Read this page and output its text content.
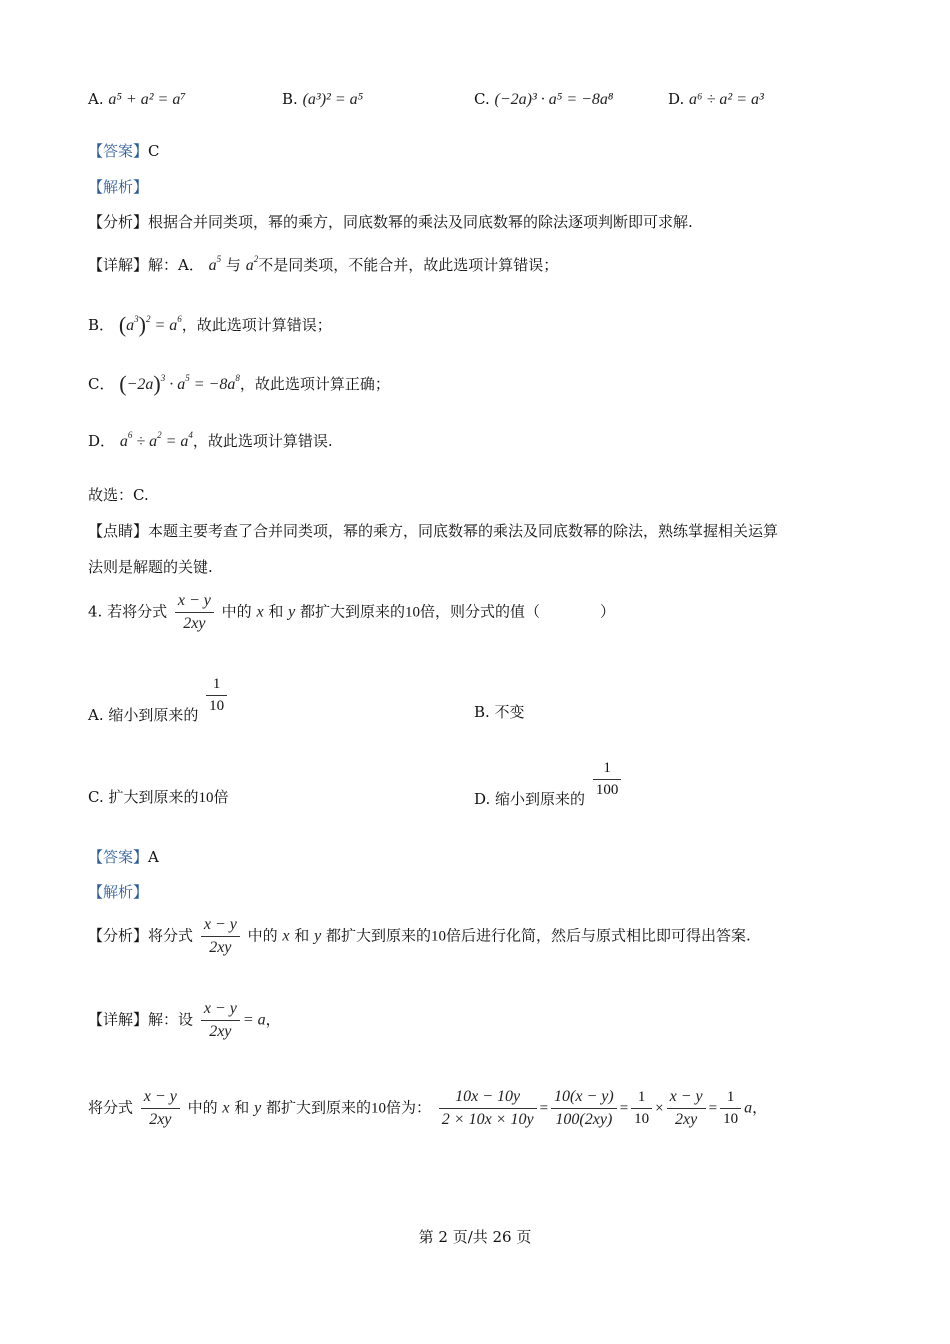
A. a⁵ + a² = a⁷	B. (a³)² = a⁵	C. (−2a)³ · a⁵ = −8a⁸	D. a⁶ ÷ a² = a³
【答案】C
【解析】
【分析】根据合并同类项，幂的乘方，同底数幂的乘法及同底数幂的除法逐项判断即可求解.
【详解】解：A． $a^5$ 与 $a^2$不是同类项，不能合并，故此选项计算错误；
B． $(a^3)^2 = a^6$，故此选项计算错误；
C． $(-2a)^3 \cdot a^5 = -8a^8$，故此选项计算正确；
D． $a^6 \div a^2 = a^4$，故此选项计算错误.
故选：C.
【点睛】本题主要考查了合并同类项，幂的乘方，同底数幂的乘法及同底数幂的除法，熟练掌握相关运算
法则是解题的关键.
4. 若将分式 $\frac{x - y}{2xy}$ 中的 x 和 y 都扩大到原来的10倍，则分式的值（　　　　）
A. 缩小到原来的 $\frac{1}{10}$	B. 不变
C. 扩大到原来的10倍	D. 缩小到原来的 $\frac{1}{100}$
【答案】A
【解析】
【分析】将分式 $\frac{x - y}{2xy}$ 中的 x 和 y 都扩大到原来的10倍后进行化简，然后与原式相比即可得出答案.
【详解】解：设 $\frac{x - y}{2xy} = a$，
将分式 $\frac{x - y}{2xy}$ 中的 x 和 y 都扩大到原来的10倍为： $\frac{10x - 10y}{2 \times 10x \times 10y} = \frac{10(x - y)}{100(2xy)} = \frac{1}{10} \times \frac{x - y}{2xy} = \frac{1}{10}$ a，
第 2 页/共 26 页
